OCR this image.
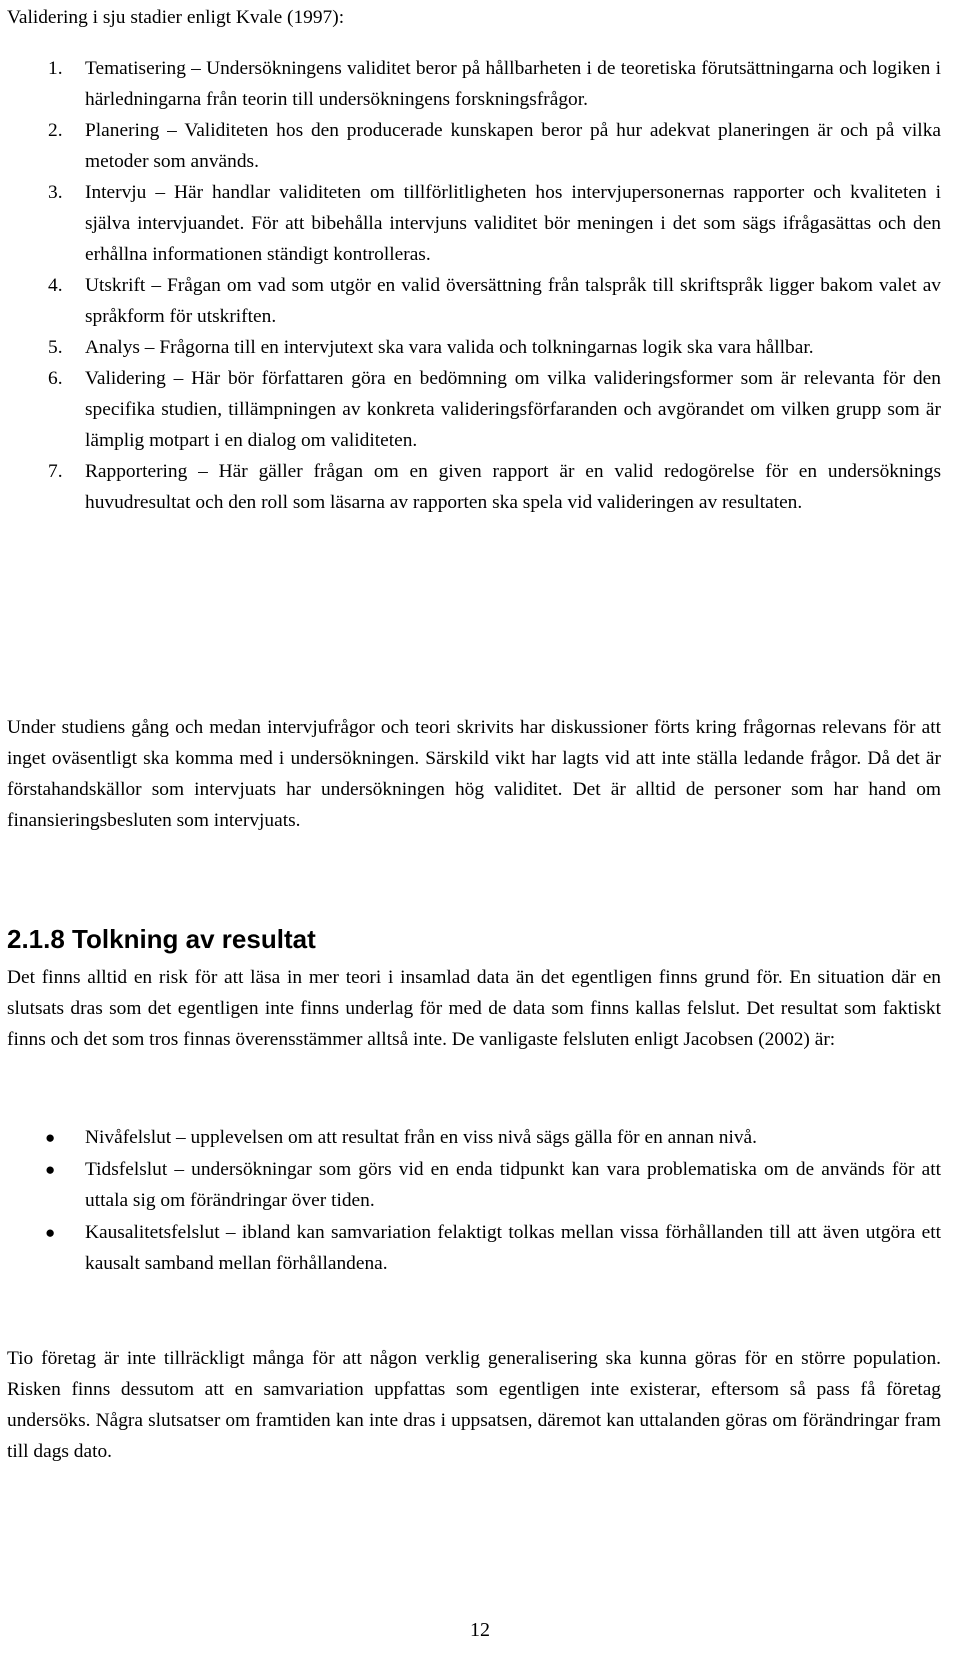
Validering i sju stadier enligt Kvale (1997):

1. Tematisering – Undersökningens validitet beror på hållbarheten i de teoretiska förutsättningarna och logiken i härledningarna från teorin till undersökningens forskningsfrågor.
2. Planering – Validiteten hos den producerade kunskapen beror på hur adekvat planeringen är och på vilka metoder som används.
3. Intervju – Här handlar validiteten om tillförlitligheten hos intervjupersonernas rapporter och kvaliteten i själva intervjuandet. För att bibehålla intervjuns validitet bör meningen i det som sägs ifrågasättas och den erhållna informationen ständigt kontrolleras.
4. Utskrift – Frågan om vad som utgör en valid översättning från talspråk till skriftspråk ligger bakom valet av språkform för utskriften.
5. Analys – Frågorna till en intervjutext ska vara valida och tolkningarnas logik ska vara hållbar.
6. Validering – Här bör författaren göra en bedömning om vilka valideringsformer som är relevanta för den specifika studien, tillämpningen av konkreta valideringsförfaranden och avgörandet om vilken grupp som är lämplig motpart i en dialog om validiteten.
7. Rapportering – Här gäller frågan om en given rapport är en valid redogörelse för en undersöknings huvudresultat och den roll som läsarna av rapporten ska spela vid valideringen av resultaten.

Under studiens gång och medan intervjufrågor och teori skrivits har diskussioner förts kring frågornas relevans för att inget oväsentligt ska komma med i undersökningen. Särskild vikt har lagts vid att inte ställa ledande frågor. Då det är förstahandskällor som intervjuats har undersökningen hög validitet. Det är alltid de personer som har hand om finansieringsbesluten som intervjuats.

2.1.8 Tolkning av resultat

Det finns alltid en risk för att läsa in mer teori i insamlad data än det egentligen finns grund för. En situation där en slutsats dras som det egentligen inte finns underlag för med de data som finns kallas felslut. Det resultat som faktiskt finns och det som tros finnas överensstämmer alltså inte. De vanligaste felsluten enligt Jacobsen (2002) är:

● Nivåfelslut – upplevelsen om att resultat från en viss nivå sägs gälla för en annan nivå.
● Tidsfelslut – undersökningar som görs vid en enda tidpunkt kan vara problematiska om de används för att uttala sig om förändringar över tiden.
● Kausalitetsfelslut – ibland kan samvariation felaktigt tolkas mellan vissa förhållanden till att även utgöra ett kausalt samband mellan förhållandena.

Tio företag är inte tillräckligt många för att någon verklig generalisering ska kunna göras för en större population. Risken finns dessutom att en samvariation uppfattas som egentligen inte existerar, eftersom så pass få företag undersöks. Några slutsatser om framtiden kan inte dras i uppsatsen, däremot kan uttalanden göras om förändringar fram till dags dato.

12
